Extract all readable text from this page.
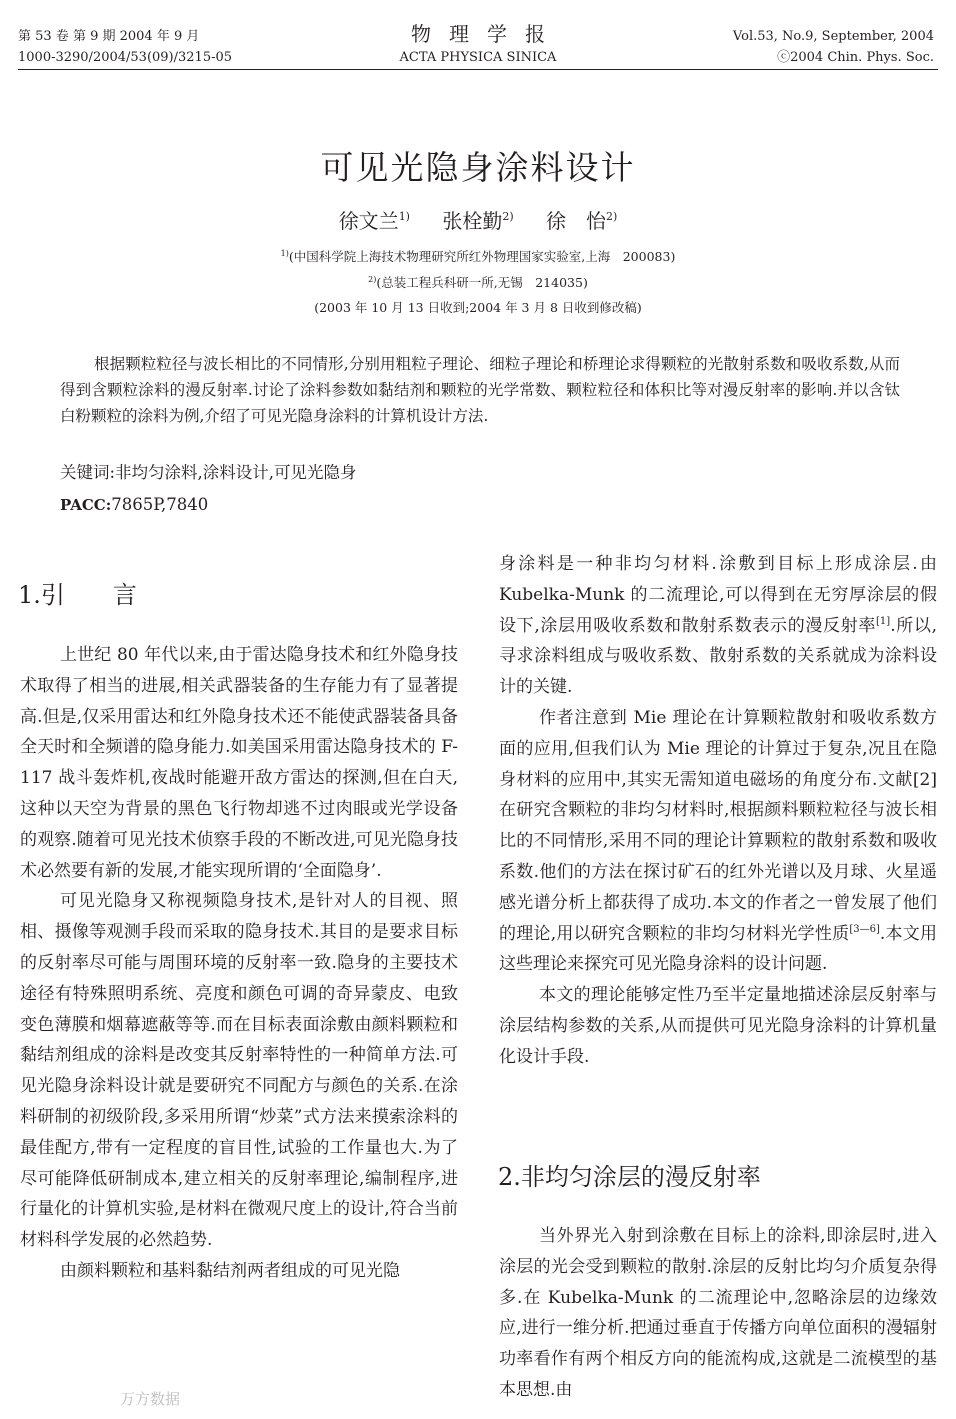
第 53 卷 第 9 期 2004 年 9 月
1000-3290/2004/53(09)/3215-05
物理学报
ACTA PHYSICA SINICA
Vol.53, No.9, September, 2004
ⓒ2004 Chin. Phys. Soc.
可见光隐身涂料设计
徐文兰$^{1)}$ 张栓勤$^{2)}$ 徐　怡$^{2)}$
$^{1)}$(中国科学院上海技术物理研究所红外物理国家实验室,上海　200083)
$^{2)}$(总装工程兵科研一所,无锡　214035)
(2003 年 10 月 13 日收到;2004 年 3 月 8 日收到修改稿)
根据颗粒粒径与波长相比的不同情形,分别用粗粒子理论、细粒子理论和桥理论求得颗粒的光散射系数和吸收系数,从而得到含颗粒涂料的漫反射率.讨论了涂料参数如黏结剂和颗粒的光学常数、颗粒粒径和体积比等对漫反射率的影响.并以含钛白粉颗粒的涂料为例,介绍了可见光隐身涂料的计算机设计方法.
关键词:非均匀涂料,涂料设计,可见光隐身
PACC:7865P,7840
1.引　　言

上世纪 80 年代以来,由于雷达隐身技术和红外隐身技术取得了相当的进展,相关武器装备的生存能力有了显著提高.但是,仅采用雷达和红外隐身技术还不能使武器装备具备全天时和全频谱的隐身能力.如美国采用雷达隐身技术的 F-117 战斗轰炸机,夜战时能避开敌方雷达的探测,但在白天,这种以天空为背景的黑色飞行物却逃不过肉眼或光学设备的观察.随着可见光技术侦察手段的不断改进,可见光隐身技术必然要有新的发展,才能实现所谓的‘全面隐身’.

可见光隐身又称视频隐身技术,是针对人的目视、照相、摄像等观测手段而采取的隐身技术.其目的是要求目标的反射率尽可能与周围环境的反射率一致.隐身的主要技术途径有特殊照明系统、亮度和颜色可调的奇异蒙皮、电致变色薄膜和烟幕遮蔽等等.而在目标表面涂敷由颜料颗粒和黏结剂组成的涂料是改变其反射率特性的一种简单方法.可见光隐身涂料设计就是要研究不同配方与颜色的关系.在涂料研制的初级阶段,多采用所谓“炒菜”式方法来摸索涂料的最佳配方,带有一定程度的盲目性,试验的工作量也大.为了尽可能降低研制成本,建立相关的反射率理论,编制程序,进行量化的计算机实验,是材料在微观尺度上的设计,符合当前材料科学发展的必然趋势.

由颜料颗粒和基料黏结剂两者组成的可见光隐

身涂料是一种非均匀材料.涂敷到目标上形成涂层.由 Kubelka-Munk 的二流理论,可以得到在无穷厚涂层的假设下,涂层用吸收系数和散射系数表示的漫反射率[1].所以,寻求涂料组成与吸收系数、散射系数的关系就成为涂料设计的关键.

作者注意到 Mie 理论在计算颗粒散射和吸收系数方面的应用,但我们认为 Mie 理论的计算过于复杂,况且在隐身材料的应用中,其实无需知道电磁场的角度分布.文献[2]在研究含颗粒的非均匀材料时,根据颜料颗粒粒径与波长相比的不同情形,采用不同的理论计算颗粒的散射系数和吸收系数.他们的方法在探讨矿石的红外光谱以及月球、火星遥感光谱分析上都获得了成功.本文的作者之一曾发展了他们的理论,用以研究含颗粒的非均匀材料光学性质[3—6].本文用这些理论来探究可见光隐身涂料的设计问题.

本文的理论能够定性乃至半定量地描述涂层反射率与涂层结构参数的关系,从而提供可见光隐身涂料的计算机量化设计手段.

2.非均匀涂层的漫反射率

当外界光入射到涂敷在目标上的涂料,即涂层时,进入涂层的光会受到颗粒的散射.涂层的反射比均匀介质复杂得多.在 Kubelka-Munk 的二流理论中,忽略涂层的边缘效应,进行一维分析.把通过垂直于传播方向单位面积的漫辐射功率看作有两个相反方向的能流构成,这就是二流模型的基本思想.由

万方数据
